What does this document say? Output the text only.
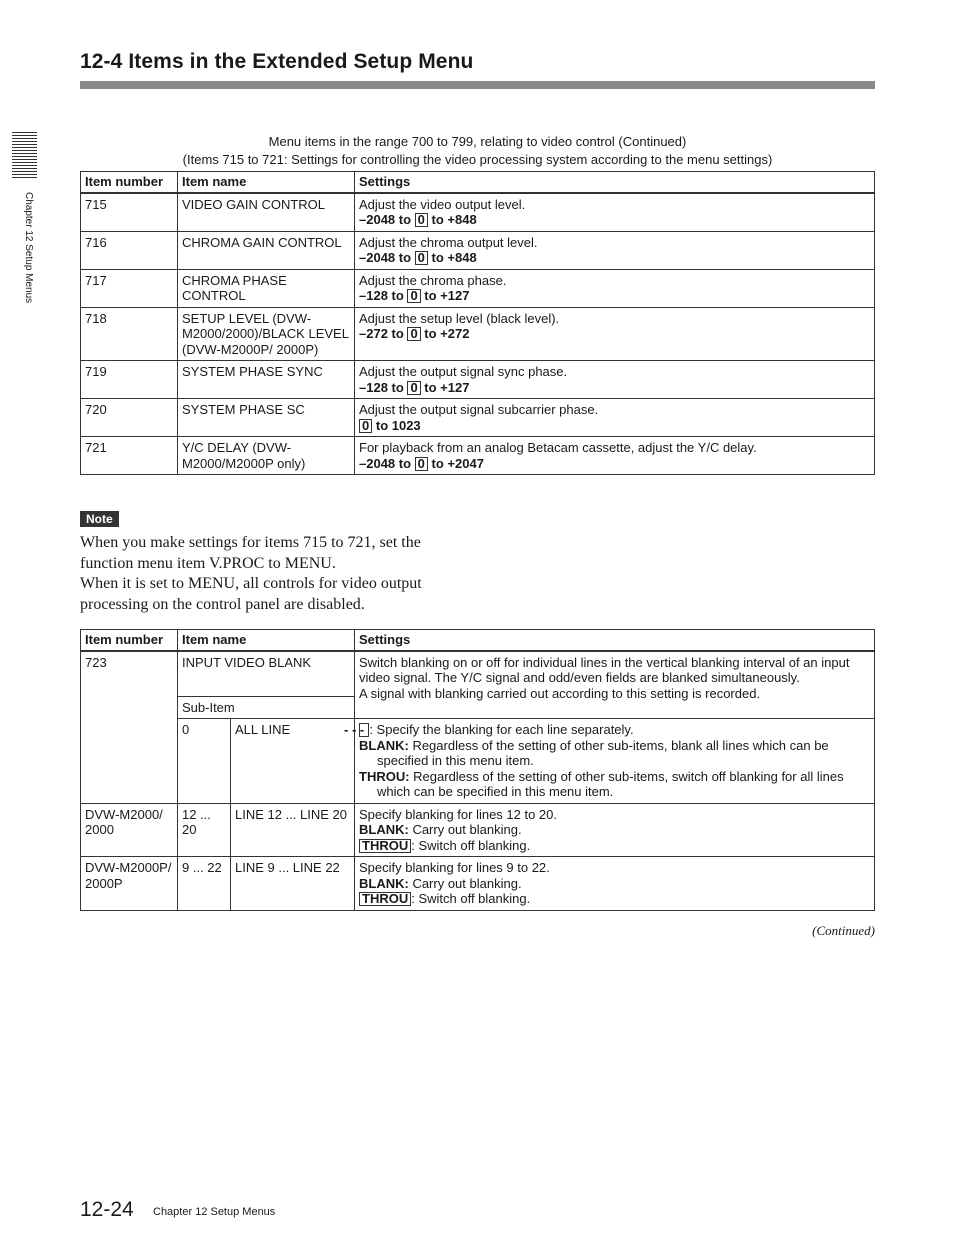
12-4 Items in the Extended Setup Menu
Chapter 12 Setup Menus
Menu items in the range 700 to 799, relating to video control (Continued)
(Items 715 to 721: Settings for controlling the video processing system according to the menu settings)
Item number	Item name	Settings
715	VIDEO GAIN CONTROL	Adjust the video output level.
–2048 to 0 to +848

716	CHROMA GAIN CONTROL	Adjust the chroma output level.
–2048 to 0 to +848

717	CHROMA PHASE CONTROL	Adjust the chroma phase.
–128 to 0 to +127

718	SETUP LEVEL (DVW-M2000/2000)/BLACK LEVEL (DVW-M2000P/ 2000P)	Adjust the setup level (black level).
–272 to 0 to +272

719	SYSTEM PHASE SYNC	Adjust the output signal sync phase.
–128 to 0 to +127

720	SYSTEM PHASE SC	Adjust the output signal subcarrier phase.
0 to 1023

721	Y/C DELAY (DVW-M2000/M2000P only)	For playback from an analog Betacam cassette, adjust the Y/C delay.
–2048 to 0 to +2047
Note
When you make settings for items 715 to 721, set the function menu item V.PROC to MENU.
When it is set to MENU, all controls for video output processing on the control panel are disabled.
Item number	Item name		Settings
723	INPUT VIDEO BLANK		Switch blanking on or off for individual lines in the vertical blanking interval of an input video signal. The Y/C signal and odd/even fields are blanked simultaneously.
A signal with blanking carried out according to this setting is recorded.

	Sub-Item		
	0	ALL LINE	- - - : Specify the blanking for each line separately.
BLANK: Regardless of the setting of other sub-items, blank all lines which can be specified in this menu item.
THROU: Regardless of the setting of other sub-items, switch off blanking for all lines which can be specified in this menu item.

DVW-M2000/ 2000	12 ... 20	LINE 12 ... LINE 20	Specify blanking for lines 12 to 20.
BLANK: Carry out blanking.
THROU : Switch off blanking.

DVW-M2000P/ 2000P	9 ... 22	LINE 9 ... LINE 22	Specify blanking for lines 9 to 22.
BLANK: Carry out blanking.
THROU : Switch off blanking.
(Continued)
12-24 Chapter 12 Setup Menus
